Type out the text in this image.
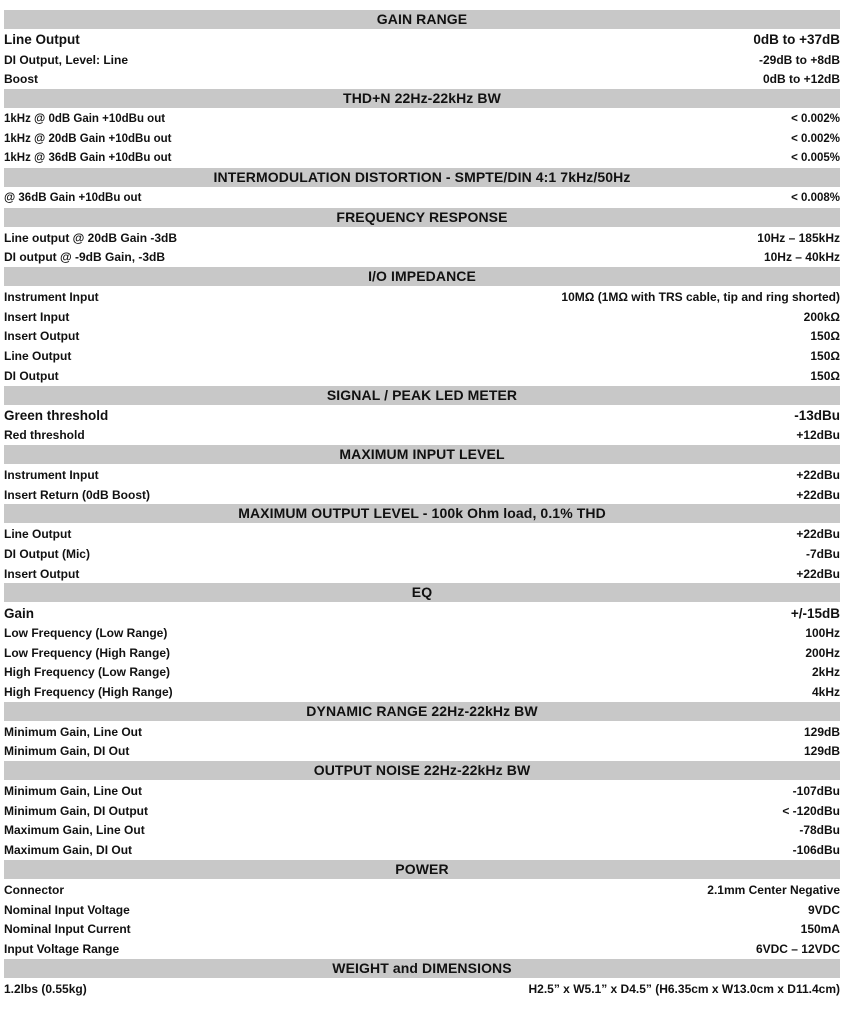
GAIN RANGE
Line Output	0dB to +37dB
DI Output, Level: Line	-29dB to +8dB
Boost	0dB to +12dB
THD+N 22Hz-22kHz BW
1kHz @ 0dB Gain +10dBu out	< 0.002%
1kHz @ 20dB Gain +10dBu out	< 0.002%
1kHz @ 36dB Gain +10dBu out	< 0.005%
INTERMODULATION DISTORTION - SMPTE/DIN 4:1 7kHz/50Hz
@ 36dB Gain +10dBu out	< 0.008%
FREQUENCY RESPONSE
Line output @ 20dB Gain -3dB	10Hz – 185kHz
DI output @ -9dB Gain, -3dB	10Hz – 40kHz
I/O IMPEDANCE
Instrument Input	10MΩ (1MΩ with TRS cable, tip and ring shorted)
Insert Input	200kΩ
Insert Output	150Ω
Line Output	150Ω
DI Output	150Ω
SIGNAL / PEAK LED METER
Green threshold	-13dBu
Red threshold	+12dBu
MAXIMUM INPUT LEVEL
Instrument Input	+22dBu
Insert Return (0dB Boost)	+22dBu
MAXIMUM OUTPUT LEVEL - 100k Ohm load, 0.1% THD
Line Output	+22dBu
DI Output (Mic)	-7dBu
Insert Output	+22dBu
EQ
Gain	+/-15dB
Low Frequency (Low Range)	100Hz
Low Frequency (High Range)	200Hz
High Frequency (Low Range)	2kHz
High Frequency (High Range)	4kHz
DYNAMIC RANGE 22Hz-22kHz BW
Minimum Gain, Line Out	129dB
Minimum Gain, DI Out	129dB
OUTPUT NOISE 22Hz-22kHz BW
Minimum Gain, Line Out	-107dBu
Minimum Gain, DI Output	< -120dBu
Maximum Gain, Line Out	-78dBu
Maximum Gain, DI Out	-106dBu
POWER
Connector	2.1mm Center Negative
Nominal Input Voltage	9VDC
Nominal Input Current	150mA
Input Voltage Range	6VDC – 12VDC
WEIGHT and DIMENSIONS
1.2lbs (0.55kg)	H2.5” x W5.1” x D4.5” (H6.35cm x W13.0cm x D11.4cm)
